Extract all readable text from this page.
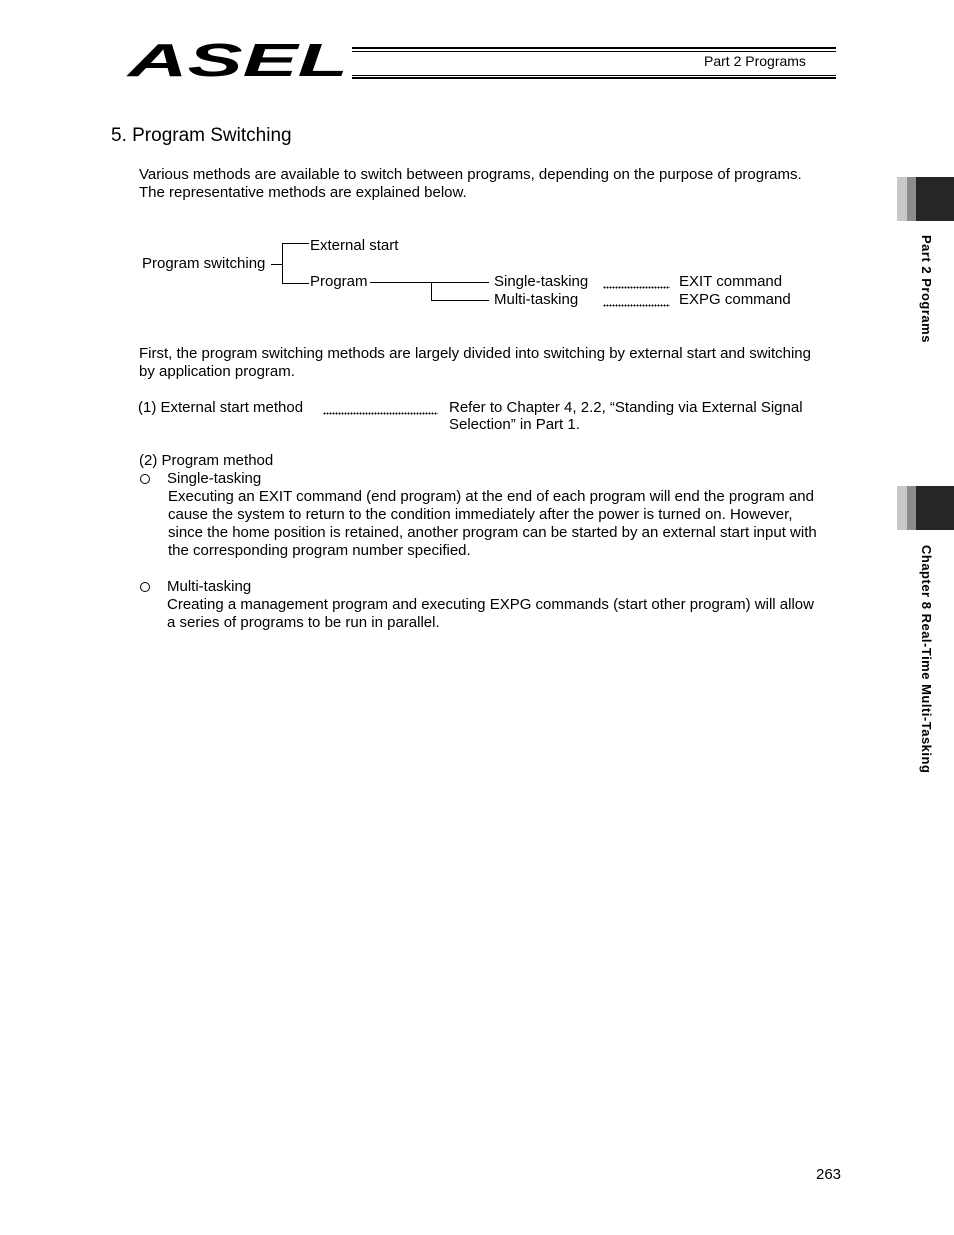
ASEL	Part 2 Programs
Part 2 Programs
Chapter 8 Real-Time Multi-Tasking
5. Program Switching
Various methods are available to switch between programs, depending on the purpose of programs.
The representative methods are explained below.
Program switching
External start
Program	Single-tasking
Multi-tasking
EXIT command
EXPG command
First, the program switching methods are largely divided into switching by external start and switching
by application program.
(1) External start method	Refer to Chapter 4, 2.2, “Standing via External Signal
Selection” in Part 1.
(2) Program method
Single-tasking
Executing an EXIT command (end program) at the end of each program will end the program and
cause the system to return to the condition immediately after the power is turned on. However,
since the home position is retained, another program can be started by an external start input with
the corresponding program number specified.
Multi-tasking
Creating a management program and executing EXPG commands (start other program) will allow
a series of programs to be run in parallel.
263
